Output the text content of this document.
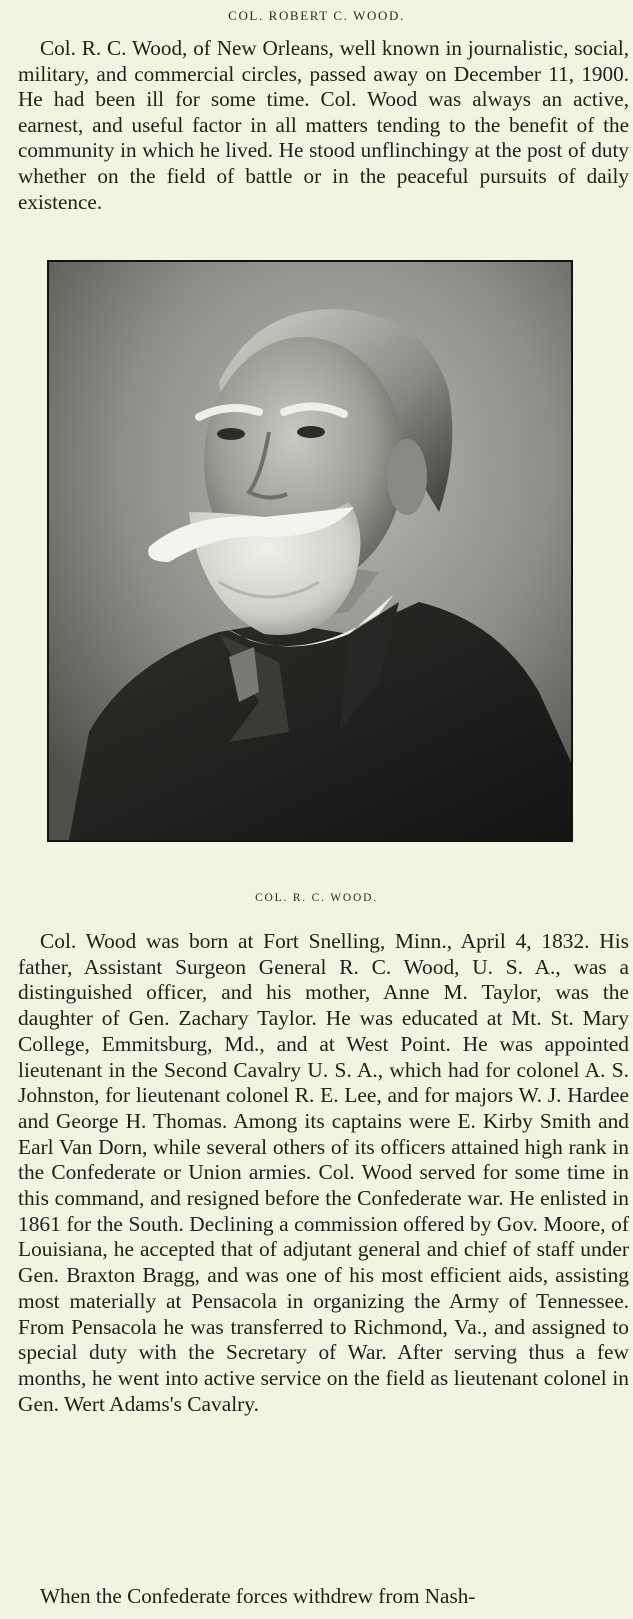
COL. ROBERT C. WOOD.

Col. R. C. Wood, of New Orleans, well known in journalistic, social, military, and commercial circles, passed away on December 11, 1900. He had been ill for some time. Col. Wood was always an active, earnest, and useful factor in all matters tending to the benefit of the community in which he lived. He stood unflinchingy at the post of duty whether on the field of battle or in the peaceful pursuits of daily existence.

COL. R. C. WOOD.

Col. Wood was born at Fort Snelling, Minn., April 4, 1832. His father, Assistant Surgeon General R. C. Wood, U. S. A., was a distinguished officer, and his mother, Anne M. Taylor, was the daughter of Gen. Zachary Taylor. He was educated at Mt. St. Mary College, Emmitsburg, Md., and at West Point. He was appointed lieutenant in the Second Cavalry U. S. A., which had for colonel A. S. Johnston, for lieutenant colonel R. E. Lee, and for majors W. J. Hardee and George H. Thomas. Among its captains were E. Kirby Smith and Earl Van Dorn, while several others of its officers attained high rank in the Confederate or Union armies. Col. Wood served for some time in this command, and resigned before the Confederate war. He enlisted in 1861 for the South. Declining a commission offered by Gov. Moore, of Louisiana, he accepted that of adjutant general and chief of staff under Gen. Braxton Bragg, and was one of his most efficient aids, assisting most materially at Pensacola in organizing the Army of Tennessee. From Pensacola he was transferred to Richmond, Va., and assigned to special duty with the Secretary of War. After serving thus a few months, he went into active service on the field as lieutenant colonel in Gen. Wert Adams's Cavalry.

When the Confederate forces withdrew from Nash-
